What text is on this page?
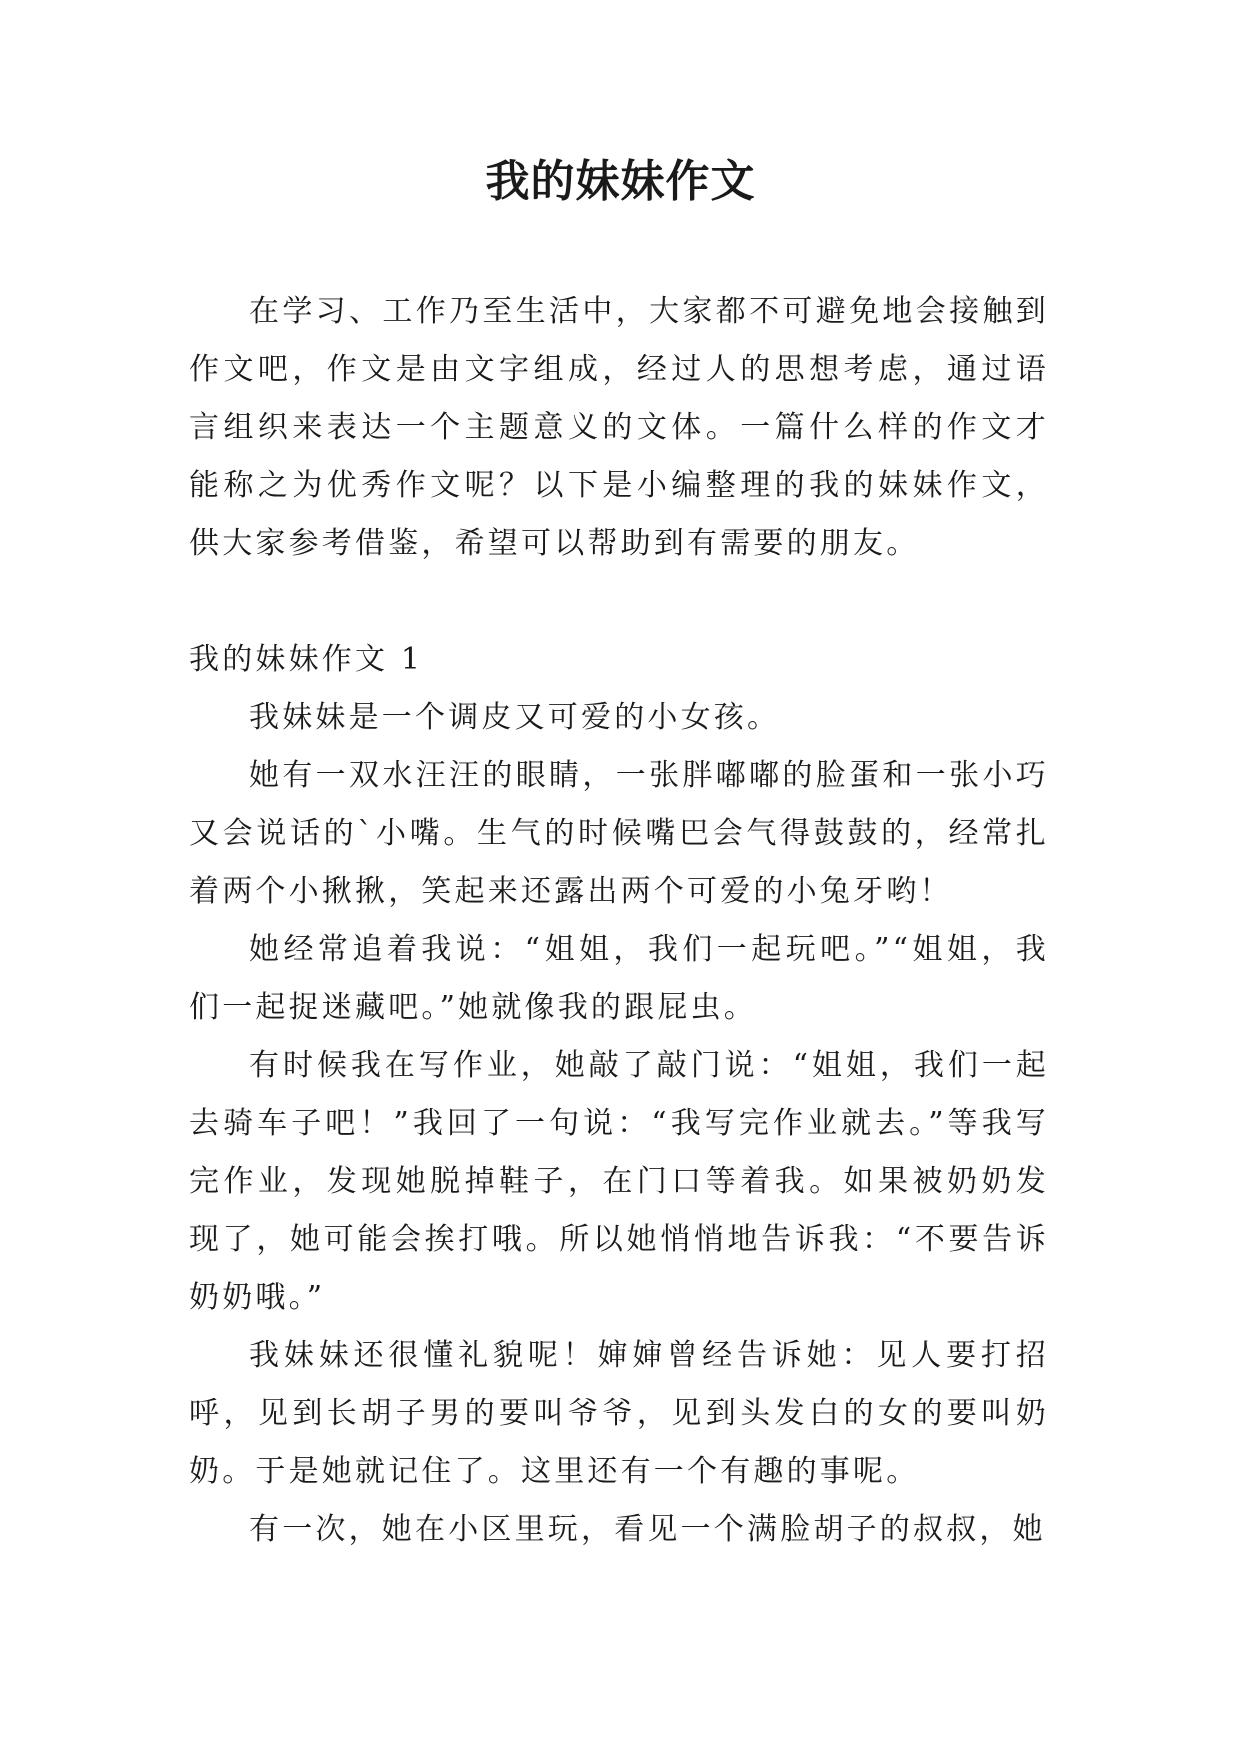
我的妹妹作文

在学习、工作乃至生活中，大家都不可避免地会接触到作文吧，作文是由文字组成，经过人的思想考虑，通过语言组织来表达一个主题意义的文体。一篇什么样的作文才能称之为优秀作文呢？以下是小编整理的我的妹妹作文，供大家参考借鉴，希望可以帮助到有需要的朋友。

我的妹妹作文 1

我妹妹是一个调皮又可爱的小女孩。

她有一双水汪汪的眼睛，一张胖嘟嘟的脸蛋和一张小巧又会说话的`小嘴。生气的时候嘴巴会气得鼓鼓的，经常扎着两个小揪揪，笑起来还露出两个可爱的小兔牙哟！

她经常追着我说：“姐姐，我们一起玩吧。”“姐姐，我们一起捉迷藏吧。”她就像我的跟屁虫。

有时候我在写作业，她敲了敲门说：“姐姐，我们一起去骑车子吧！”我回了一句说：“我写完作业就去。”等我写完作业，发现她脱掉鞋子，在门口等着我。如果被奶奶发现了，她可能会挨打哦。所以她悄悄地告诉我：“不要告诉奶奶哦。”

我妹妹还很懂礼貌呢！婶婶曾经告诉她：见人要打招呼，见到长胡子男的要叫爷爷，见到头发白的女的要叫奶奶。于是她就记住了。这里还有一个有趣的事呢。

有一次，她在小区里玩，看见一个满脸胡子的叔叔，她
